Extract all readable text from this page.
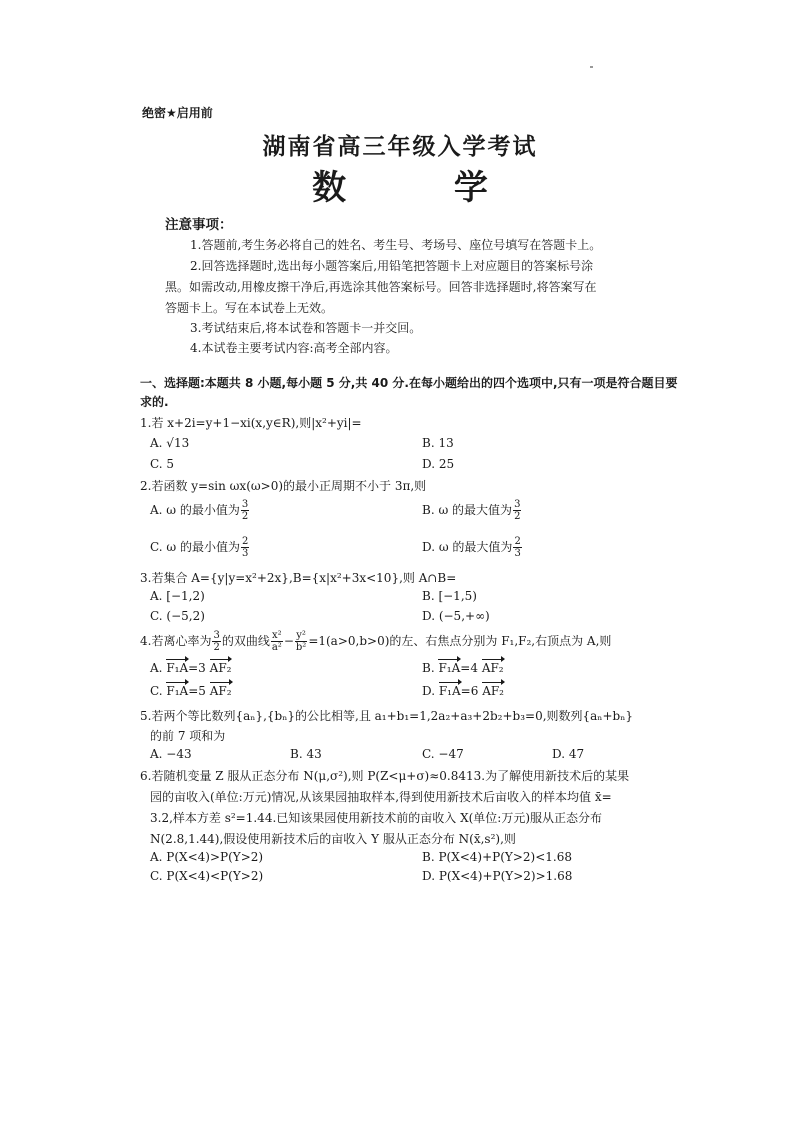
绝密★启用前
湖南省高三年级入学考试
数 学
注意事项：
1.答题前,考生务必将自己的姓名、考生号、考场号、座位号填写在答题卡上。
2.回答选择题时,选出每小题答案后,用铅笔把答题卡上对应题目的答案标号涂
黑。如需改动,用橡皮擦干净后,再选涂其他答案标号。回答非选择题时,将答案写在
答题卡上。写在本试卷上无效。
3.考试结束后,将本试卷和答题卡一并交回。
4.本试卷主要考试内容:高考全部内容。
一、选择题:本题共 8 小题,每小题 5 分,共 40 分.在每小题给出的四个选项中,只有一项是符合题目要求的.
1.若 x+2i=y+1−xi(x,y∈R),则|x²+yi|=
A. √13	B. 13
C. 5	D. 25
2.若函数 y=sin ωx(ω>0)的最小正周期不小于 3π,则
A. ω 的最小值为 $\frac{3}{2}$	B. ω 的最大值为 $\frac{3}{2}$
C. ω 的最小值为 $\frac{2}{3}$	D. ω 的最大值为 $\frac{2}{3}$
3.若集合 A={y|y=x²+2x},B={x|x²+3x<10},则 A∩B=
A. [−1,2)	B. [−1,5)
C. (−5,2)	D. (−5,+∞)
4.若离心率为 $\frac{3}{2}$ 的双曲线 $\frac{\text{x²}}{\text{a²}} - \frac{\text{y²}}{\text{b²}} =1(a>0,b>0)$的左、右焦点分别为 F₁,F₂,右顶点为 A,则
A. F₁A=3 AF₂	B. F₁A=4 AF₂
C. F₁A=5 AF₂	D. F₁A=6 AF₂
5.若两个等比数列{aₙ},{bₙ}的公比相等,且 a₁+b₁=1,2a₂+a₃+2b₂+b₃=0,则数列{aₙ+bₙ}
的前 7 项和为
A. −43	B. 43	C. −47	D. 47
6.若随机变量 Z 服从正态分布 N(μ,σ²),则 P(Z<μ+σ)≈0.8413.为了解使用新技术后的某果
园的亩收入(单位:万元)情况,从该果园抽取样本,得到使用新技术后亩收入的样本均值 x̄=
3.2,样本方差 s²=1.44.已知该果园使用新技术前的亩收入 X(单位:万元)服从正态分布
N(2.8,1.44),假设使用新技术后的亩收入 Y 服从正态分布 N(x̄,s²),则
A. P(X<4)>P(Y>2)	B. P(X<4)+P(Y>2)<1.68
C. P(X<4)<P(Y>2)	D. P(X<4)+P(Y>2)>1.68
